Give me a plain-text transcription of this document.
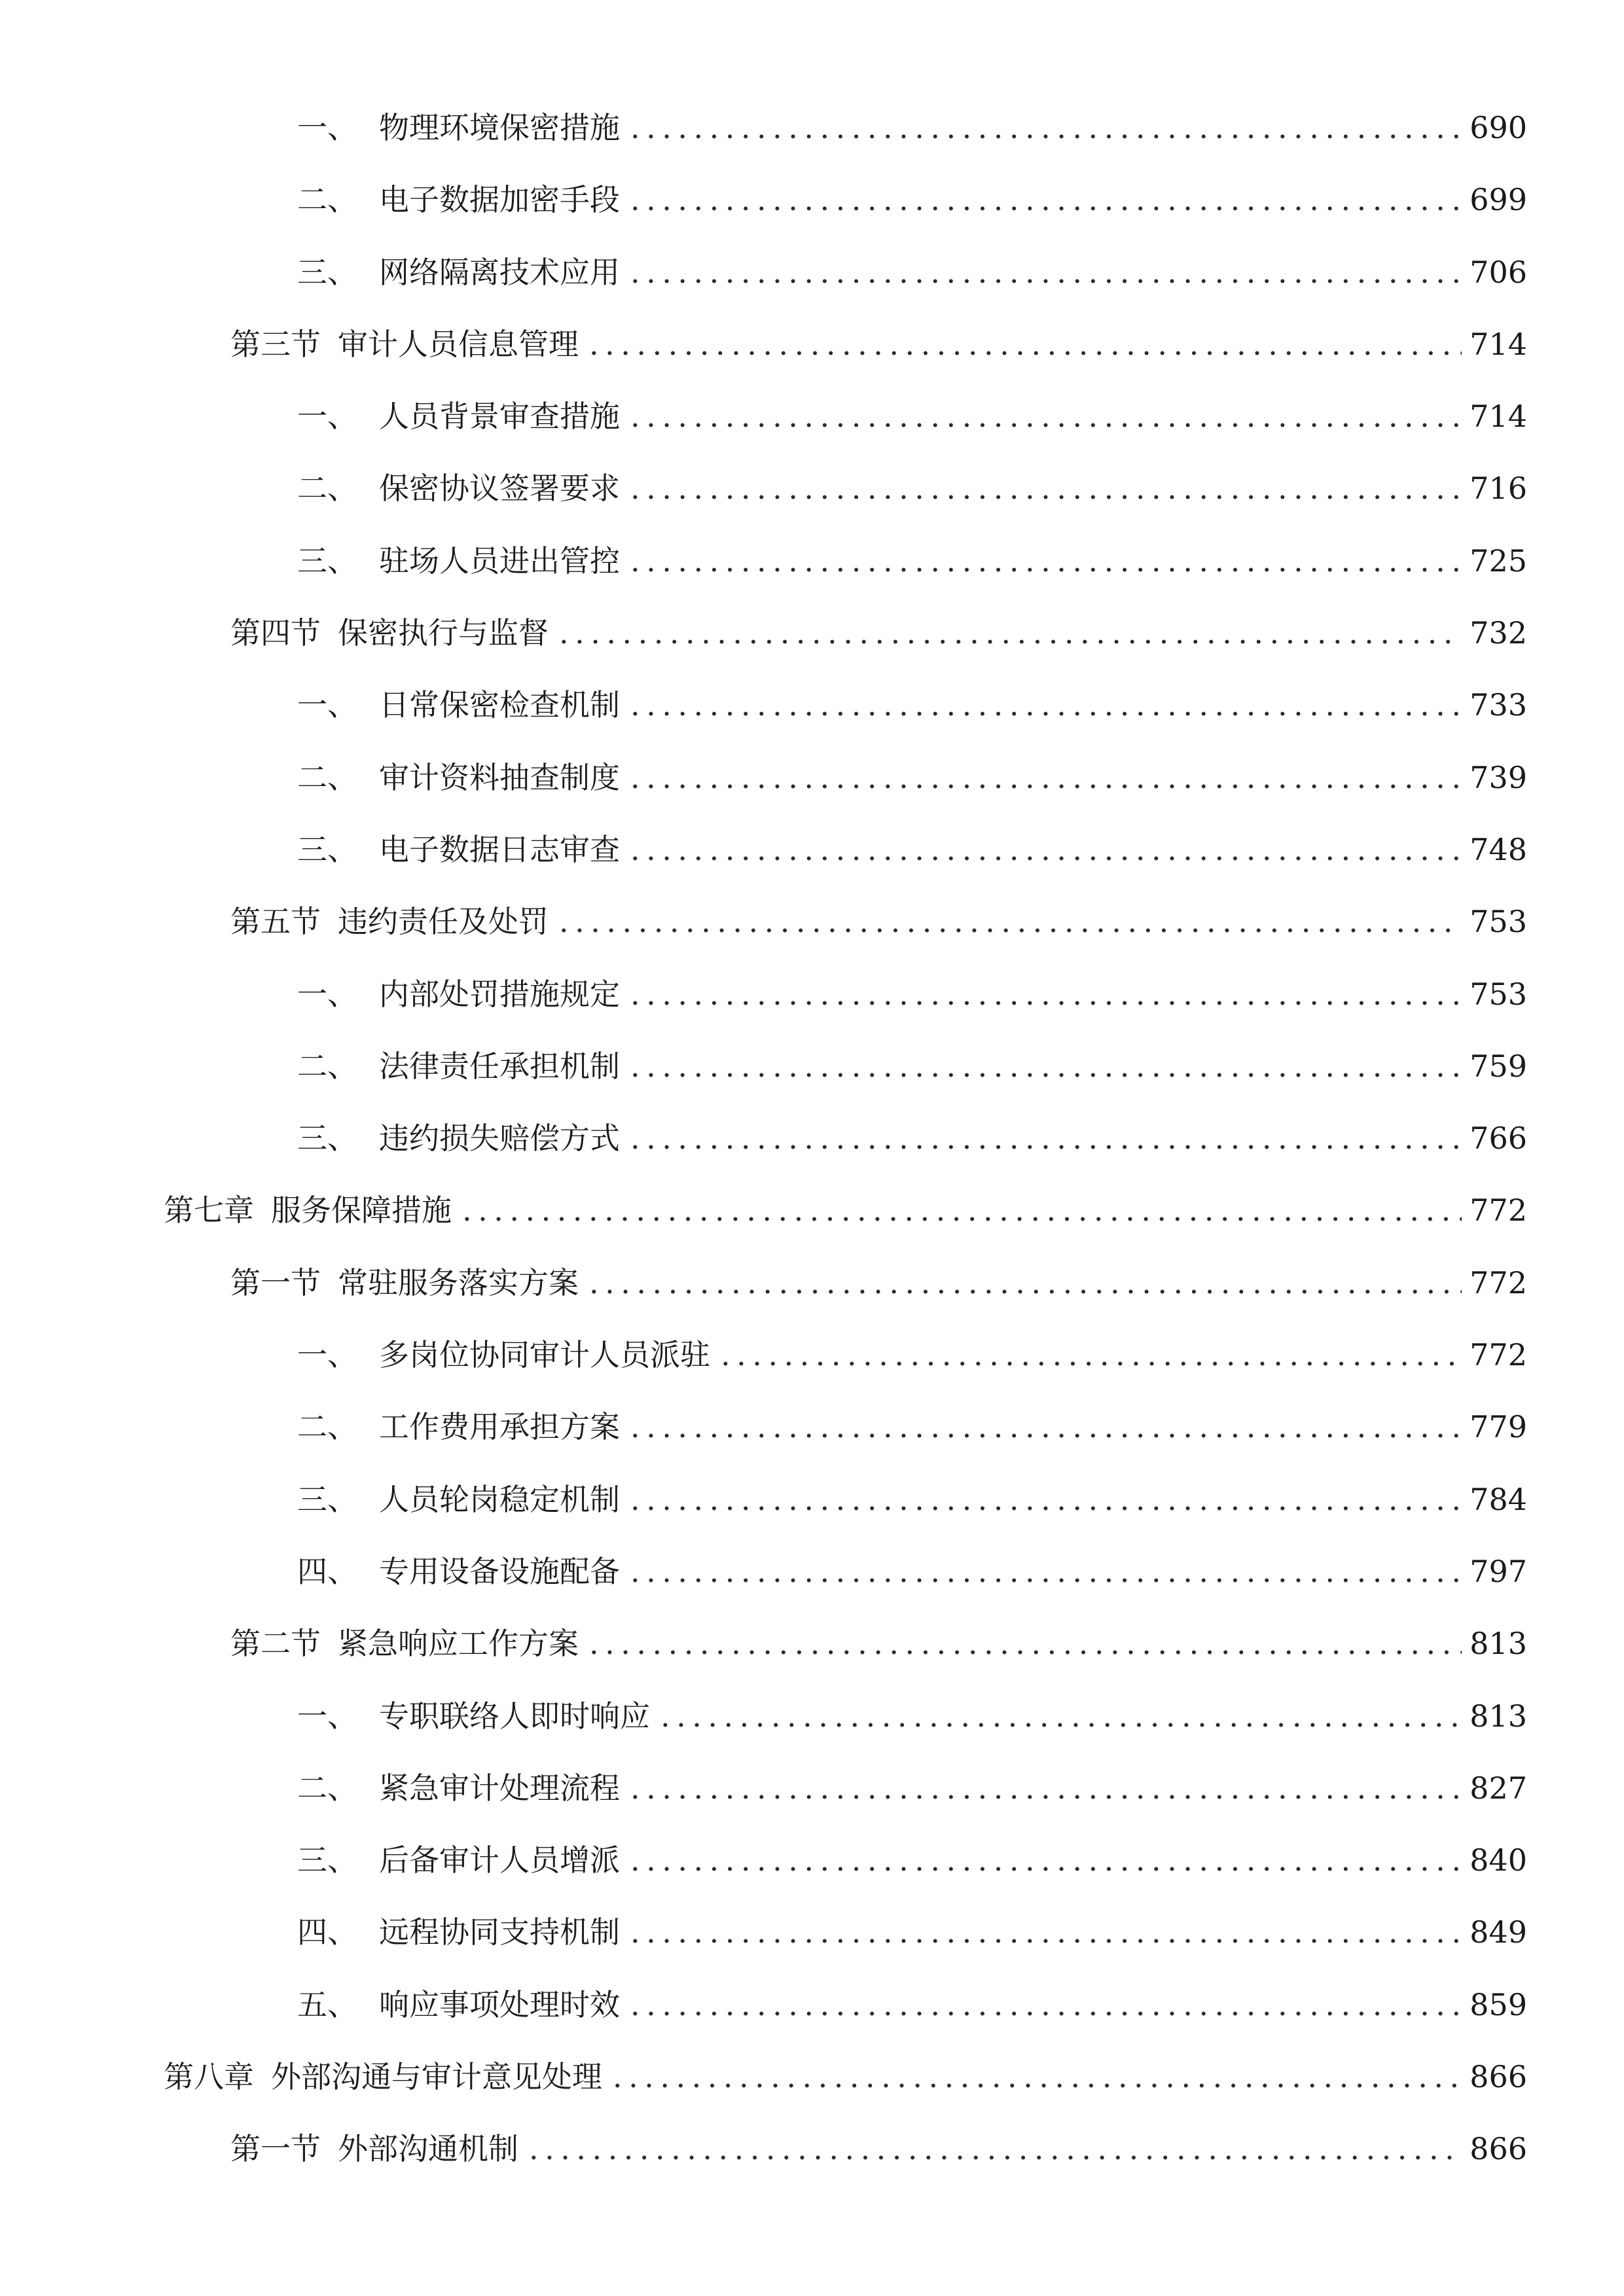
一、 物理环境保密措施 .....	690
二、 电子数据加密手段 .....	699
三、 网络隔离技术应用 .....	706
第三节 审计人员信息管理 .....	714
一、 人员背景审查措施 .....	714
二、 保密协议签署要求 .....	716
三、 驻场人员进出管控 .....	725
第四节 保密执行与监督 .....	732
一、 日常保密检查机制 .....	733
二、 审计资料抽查制度 .....	739
三、 电子数据日志审查 .....	748
第五节 违约责任及处罚 .....	753
一、 内部处罚措施规定 .....	753
二、 法律责任承担机制 .....	759
三、 违约损失赔偿方式 .....	766
第七章 服务保障措施 .....	772
第一节 常驻服务落实方案 .....	772
一、 多岗位协同审计人员派驻 .....	772
二、 工作费用承担方案 .....	779
三、 人员轮岗稳定机制 .....	784
四、 专用设备设施配备 .....	797
第二节 紧急响应工作方案 .....	813
一、 专职联络人即时响应 .....	813
二、 紧急审计处理流程 .....	827
三、 后备审计人员增派 .....	840
四、 远程协同支持机制 .....	849
五、 响应事项处理时效 .....	859
第八章 外部沟通与审计意见处理 .....	866
第一节 外部沟通机制 .....	866
